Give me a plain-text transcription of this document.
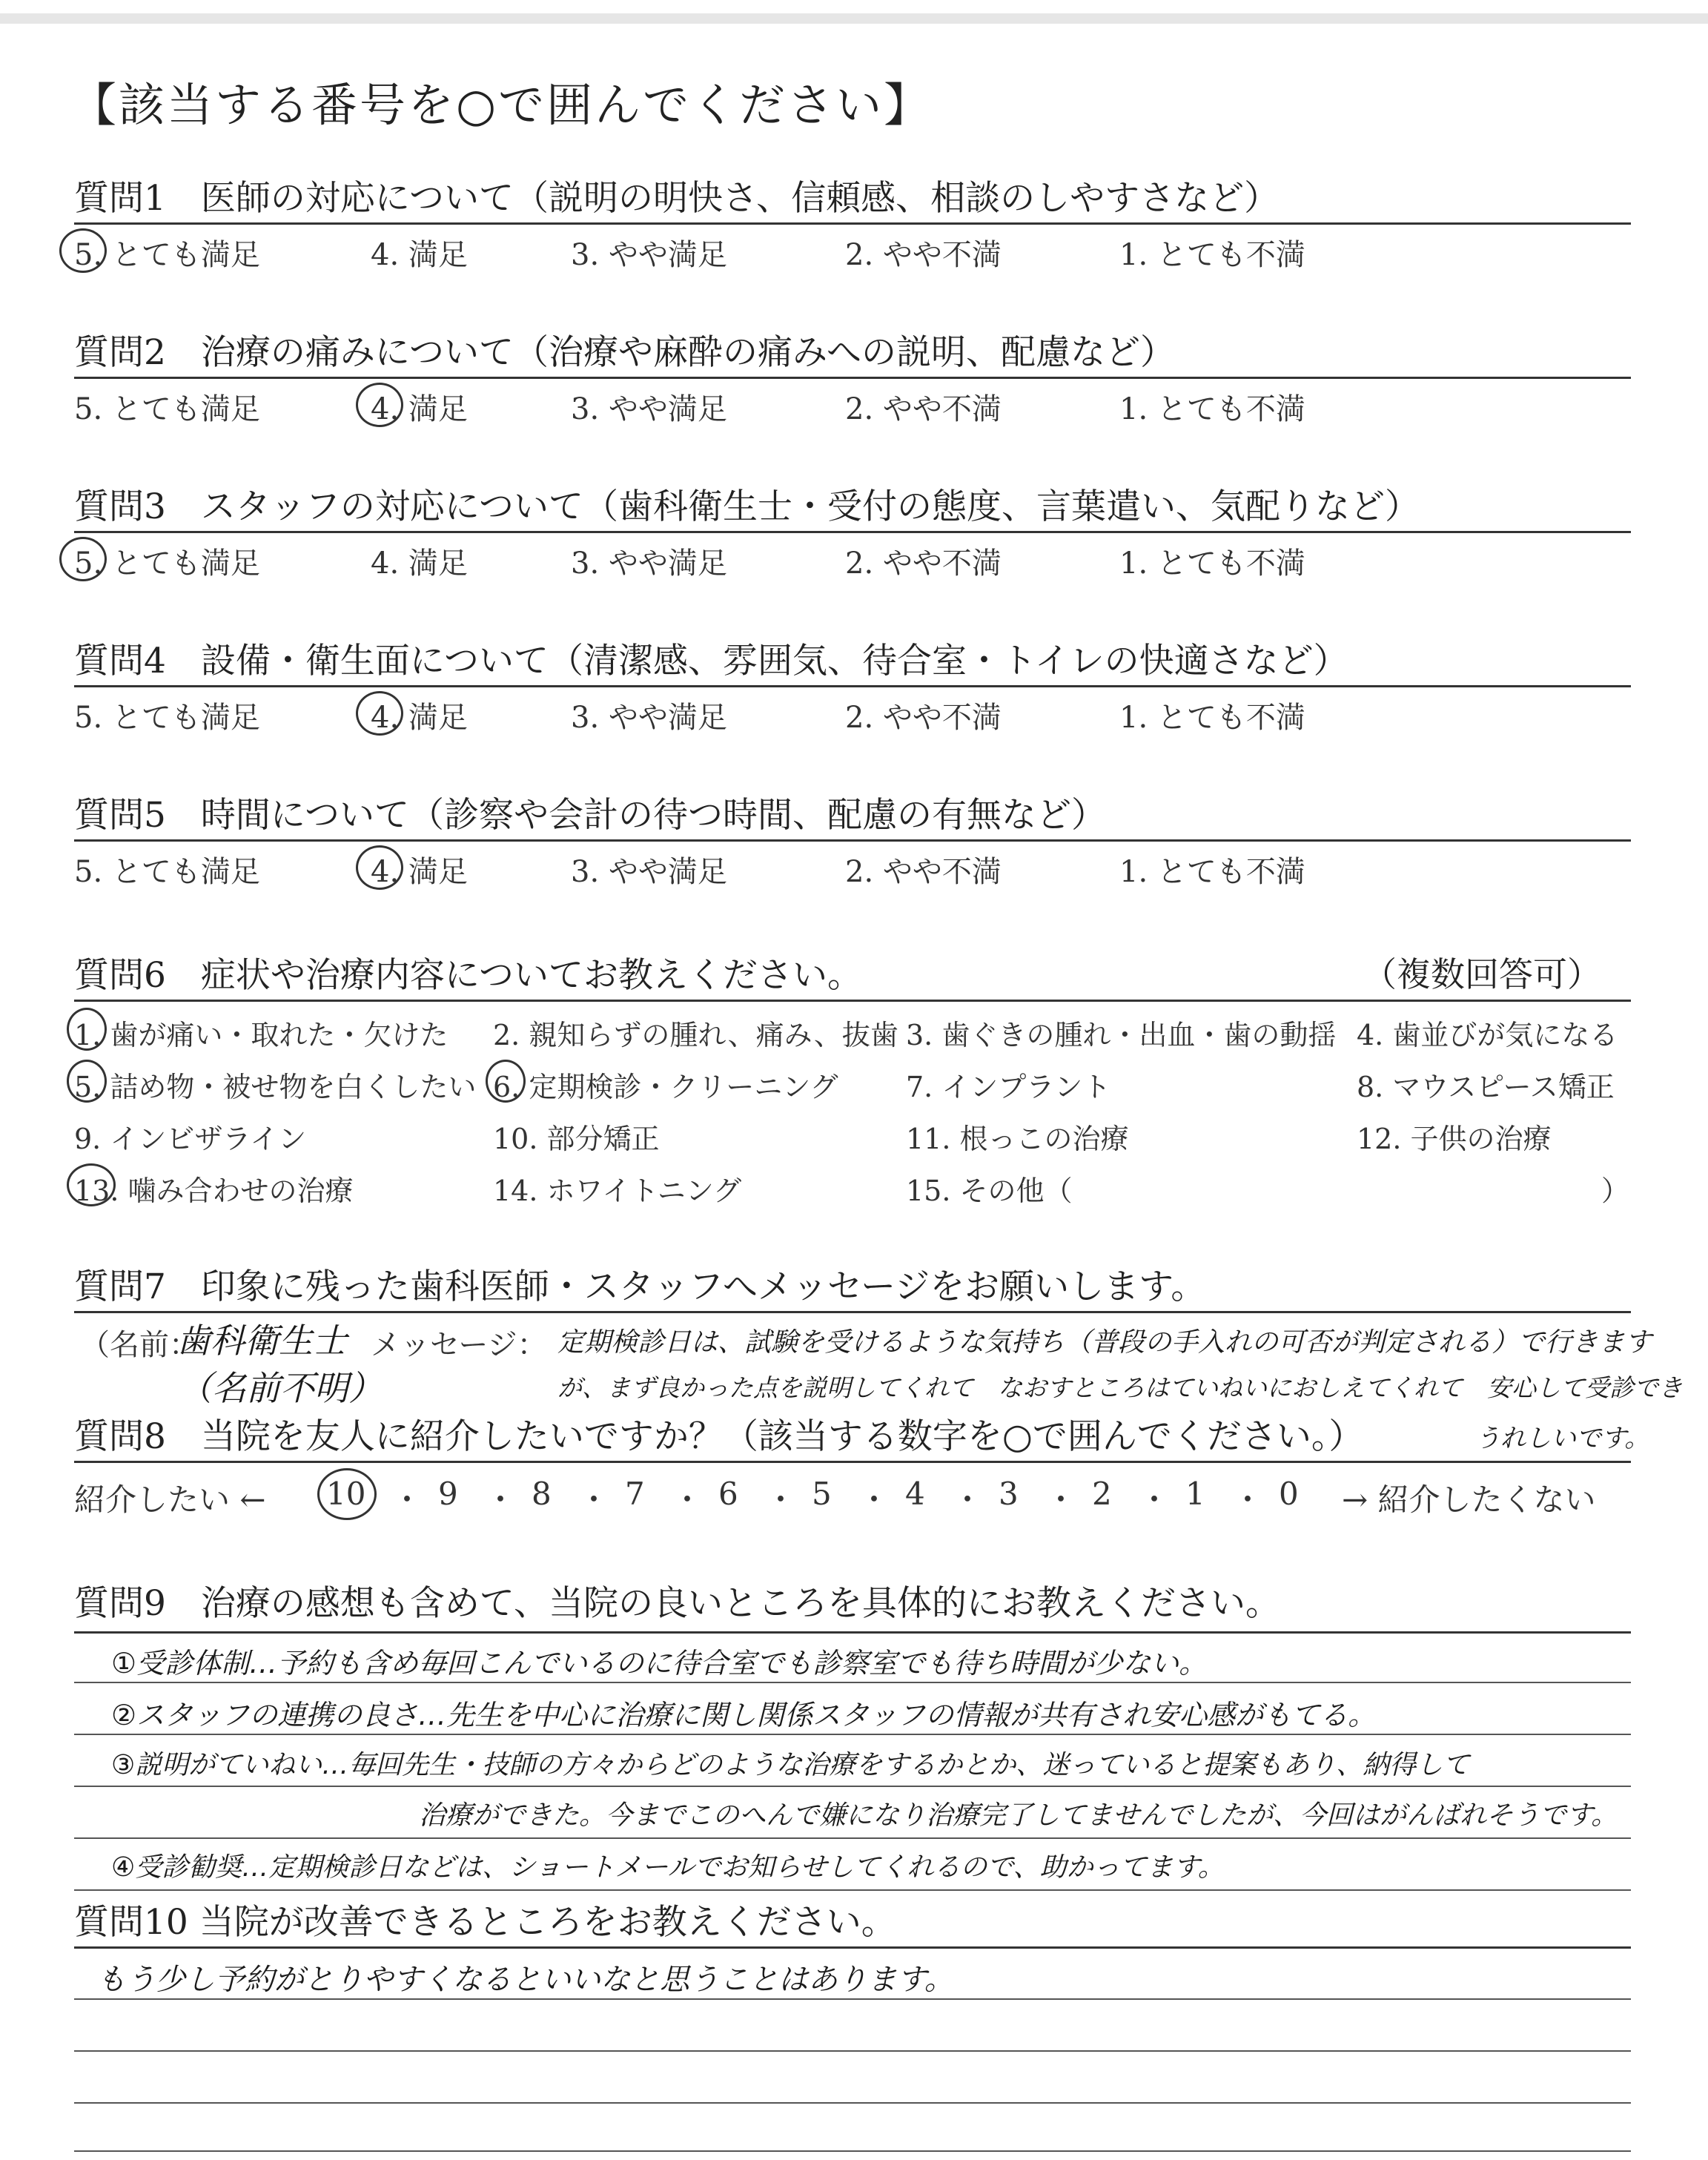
【該当する番号を○で囲んでください】
質問1　医師の対応について（説明の明快さ、信頼感、相談のしやすさなど）
5. とても満足	4. 満足	3. やや満足	2. やや不満	1. とても不満
質問2　治療の痛みについて（治療や麻酔の痛みへの説明、配慮など）
5. とても満足	4. 満足	3. やや満足	2. やや不満	1. とても不満
質問3　スタッフの対応について（歯科衛生士・受付の態度、言葉遣い、気配りなど）
5. とても満足	4. 満足	3. やや満足	2. やや不満	1. とても不満
質問4　設備・衛生面について（清潔感、雰囲気、待合室・トイレの快適さなど）
5. とても満足	4. 満足	3. やや満足	2. やや不満	1. とても不満
質問5　時間について（診察や会計の待つ時間、配慮の有無など）
5. とても満足	4. 満足	3. やや満足	2. やや不満	1. とても不満
質問6　症状や治療内容についてお教えください。	（複数回答可）
1. 歯が痛い・取れた・欠けた 2. 親知らずの腫れ、痛み、抜歯 3. 歯ぐきの腫れ・出血・歯の動揺 4. 歯並びが気になる
5. 詰め物・被せ物を白くしたい 6. 定期検診・クリーニング 7. インプラント	8. マウスピース矯正
9. インビザライン	10. 部分矯正	11. 根っこの治療	12. 子供の治療
13. 噛み合わせの治療	14. ホワイトニング	15. その他（	）
質問7　印象に残った歯科医師・スタッフへメッセージをお願いします。
（名前：
歯科衛生士
（名前不明）
メッセージ： 定期検診日は、試験を受けるような気持ち（普段の手入れの可否が判定される）で行きます
が、まず良かった点を説明してくれて　なおすところはていねいにおしえてくれて　安心して受診でき
うれしいです。
質問8　当院を友人に紹介したいですか？（該当する数字を○で囲んでください。）
紹介したい ← 10 ・ 9 ・ 8 ・ 7 ・ 6 ・ 5 ・ 4 ・ 3 ・ 2 ・ 1 ・ 0 → 紹介したくない
質問9　治療の感想も含めて、当院の良いところを具体的にお教えください。
①受診体制…予約も含め毎回こんでいるのに待合室でも診察室でも待ち時間が少ない。
②スタッフの連携の良さ…先生を中心に治療に関し関係スタッフの情報が共有され安心感がもてる。
③説明がていねい…毎回先生・技師の方々からどのような治療をするかとか、迷っていると提案もあり、納得して
治療ができた。今までこのへんで嫌になり治療完了してませんでしたが、今回はがんばれそうです。
④受診勧奨…定期検診日などは、ショートメールでお知らせしてくれるので、助かってます。
質問10 当院が改善できるところをお教えください。
もう少し予約がとりやすくなるといいなと思うことはあります。
